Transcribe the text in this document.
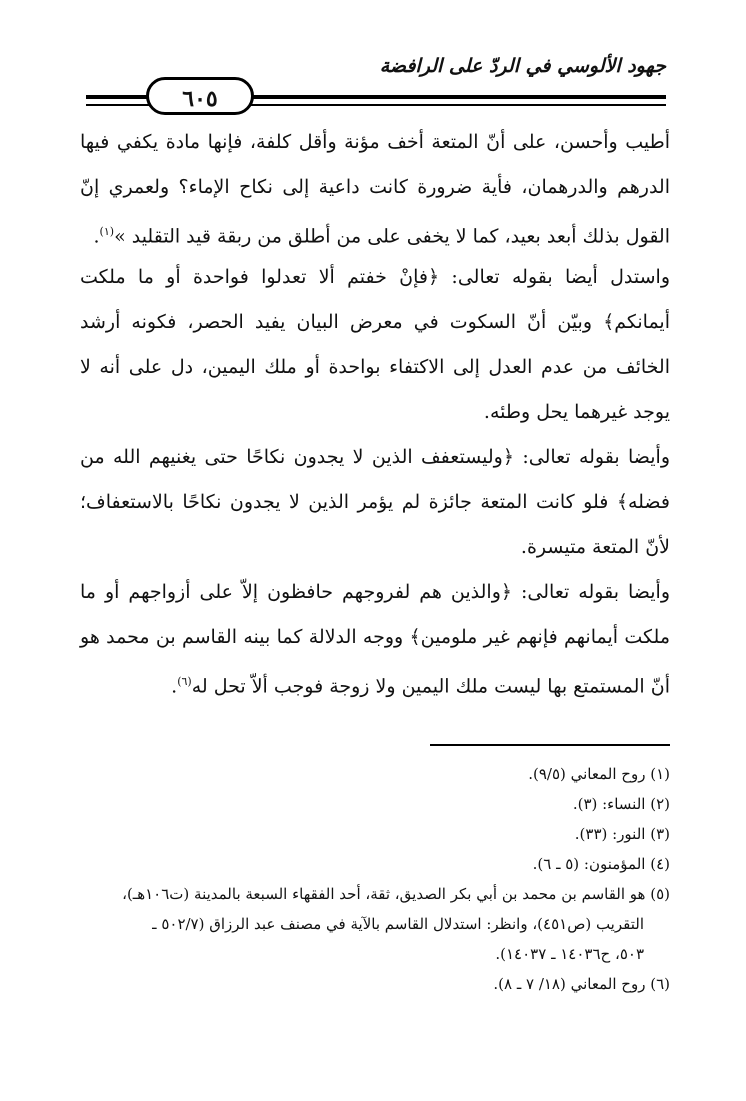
جهود الألوسي في الردّ على الرافضة
٦٠٥

أطيب وأحسن، على أنّ المتعة أخف مؤنة وأقل كلفة، فإنها مادة يكفي فيها

الدرهم والدرهمان، فأية ضرورة كانت داعية إلى نكاح الإماء؟ ولعمري إنّ

القول بذلك أبعد بعيد، كما لا يخفى على من أطلق من ربقة قيد التقليد »$^{(١)}$.

واستدل أيضا بقوله تعالى: ﴿فإنْ خفتم ألا تعدلوا فواحدة أو ما ملكت

أيمانكم﴾ وبيّن أنّ السكوت في معرض البيان يفيد الحصر، فكونه أرشد

الخائف من عدم العدل إلى الاكتفاء بواحدة أو ملك اليمين، دل على أنه لا

يوجد غيرهما يحل وطئه.

وأيضا بقوله تعالى: ﴿وليستعفف الذين لا يجدون نكاحًا حتى يغنيهم الله من

فضله﴾ فلو كانت المتعة جائزة لم يؤمر الذين لا يجدون نكاحًا بالاستعفاف؛

لأنّ المتعة متيسرة.

وأيضا بقوله تعالى: ﴿والذين هم لفروجهم حافظون إلاّ على أزواجهم أو ما

ملكت أيمانهم فإنهم غير ملومين﴾ ووجه الدلالة كما بينه القاسم بن محمد هو

أنّ المستمتع بها ليست ملك اليمين ولا زوجة فوجب ألاّ تحل له$^{(٦)}$.

(١) روح المعاني (٩/٥).

(٢) النساء: (٣).

(٣) النور: (٣٣).

(٤) المؤمنون: (٥ ـ ٦).

(٥) هو القاسم بن محمد بن أبي بكر الصديق، ثقة، أحد الفقهاء السبعة بالمدينة (ت١٠٦هـ)،

التقريب (ص٤٥١)، وانظر: استدلال القاسم بالآية في مصنف عبد الرزاق (٥٠٢/٧ ـ

٥٠٣، ح١٤٠٣٦ ـ ١٤٠٣٧).

(٦) روح المعاني (١٨/ ٧ ـ ٨).
